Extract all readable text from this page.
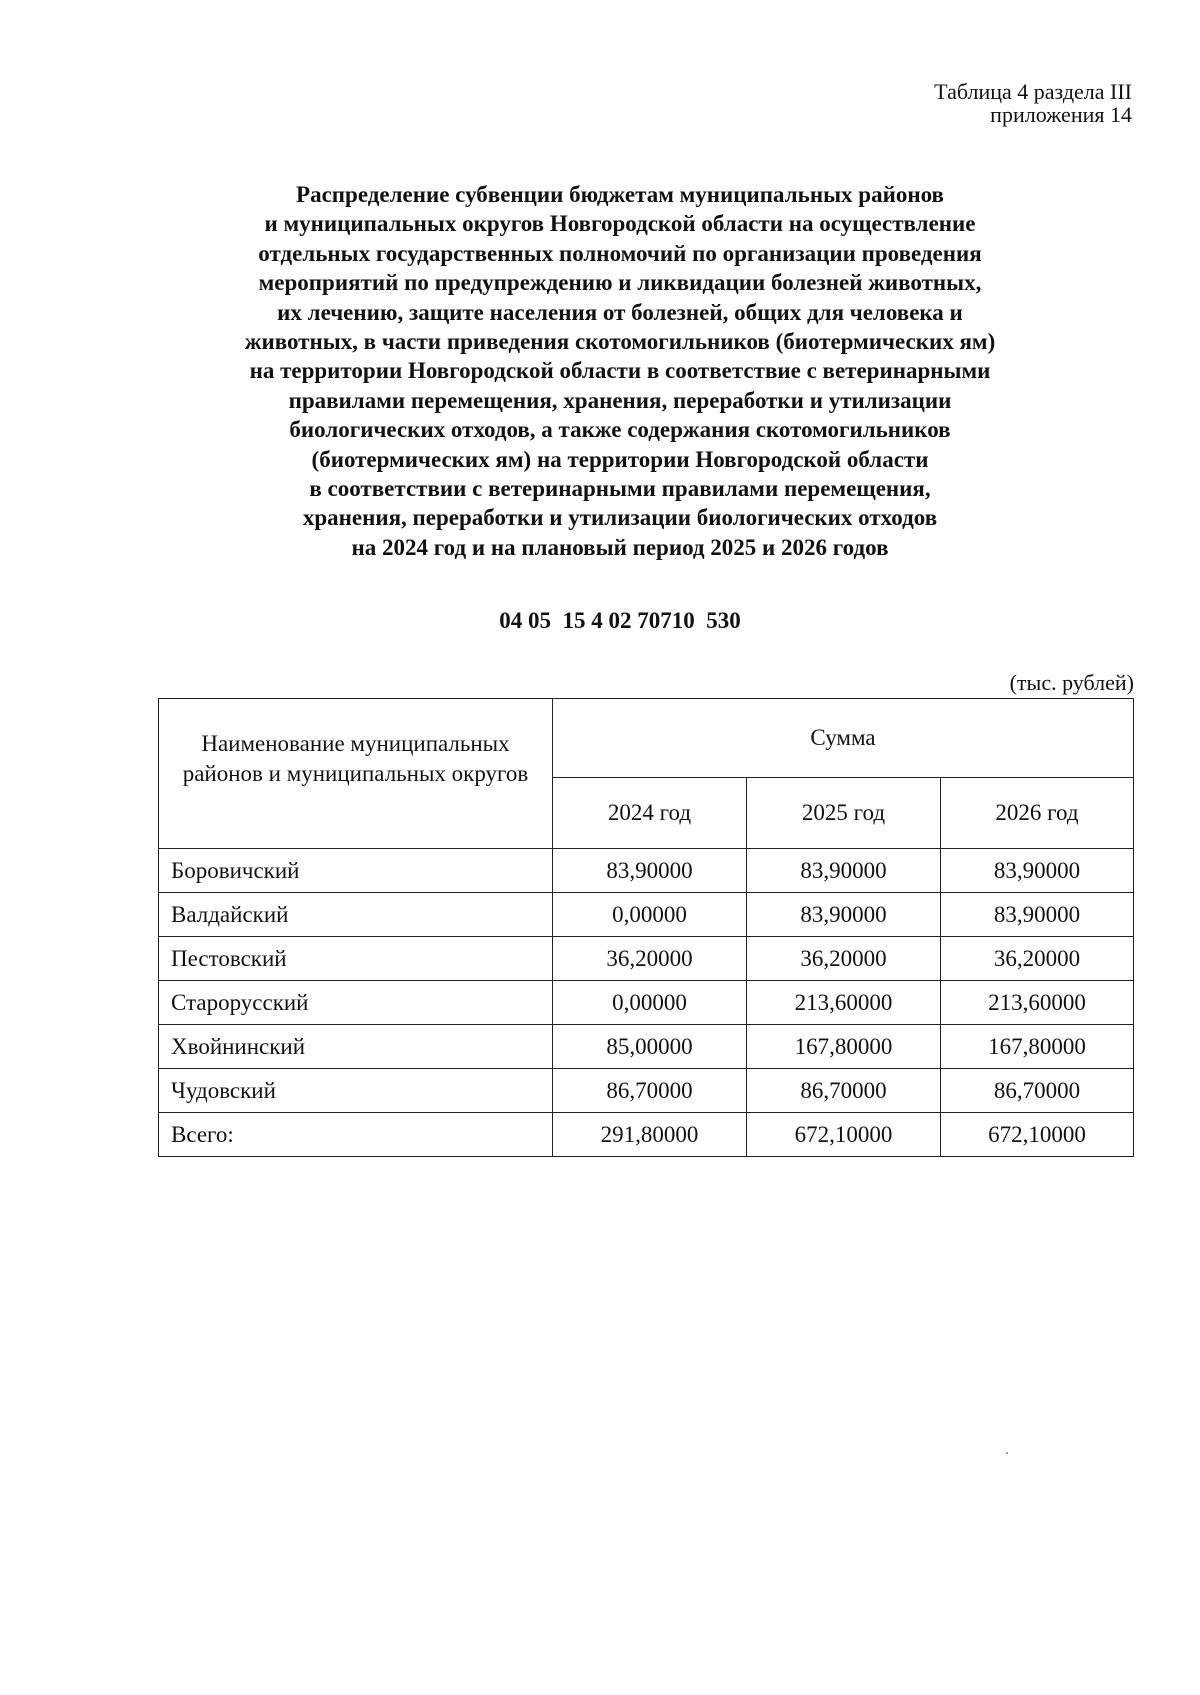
Таблица 4 раздела III
приложения 14
Распределение субвенции бюджетам муниципальных районов
и муниципальных округов Новгородской области на осуществление
отдельных государственных полномочий по организации проведения
мероприятий по предупреждению и ликвидации болезней животных,
их лечению, защите населения от болезней, общих для человека и
животных, в части приведения скотомогильников (биотермических ям)
на территории Новгородской области в соответствие с ветеринарными
правилами перемещения, хранения, переработки и утилизации
биологических отходов, а также содержания скотомогильников
(биотермических ям) на территории Новгородской области
в соответствии с ветеринарными правилами перемещения,
хранения, переработки и утилизации биологических отходов
на 2024 год и на плановый период 2025 и 2026 годов
04 05  15 4 02 70710  530
(тыс. рублей)
Наименование муниципальных районов и муниципальных округов	Сумма		
	2024 год	2025 год	2026 год
Боровичский	83,90000	83,90000	83,90000
Валдайский	0,00000	83,90000	83,90000
Пестовский	36,20000	36,20000	36,20000
Старорусский	0,00000	213,60000	213,60000
Хвойнинский	85,00000	167,80000	167,80000
Чудовский	86,70000	86,70000	86,70000
Всего:	291,80000	672,10000	672,10000
